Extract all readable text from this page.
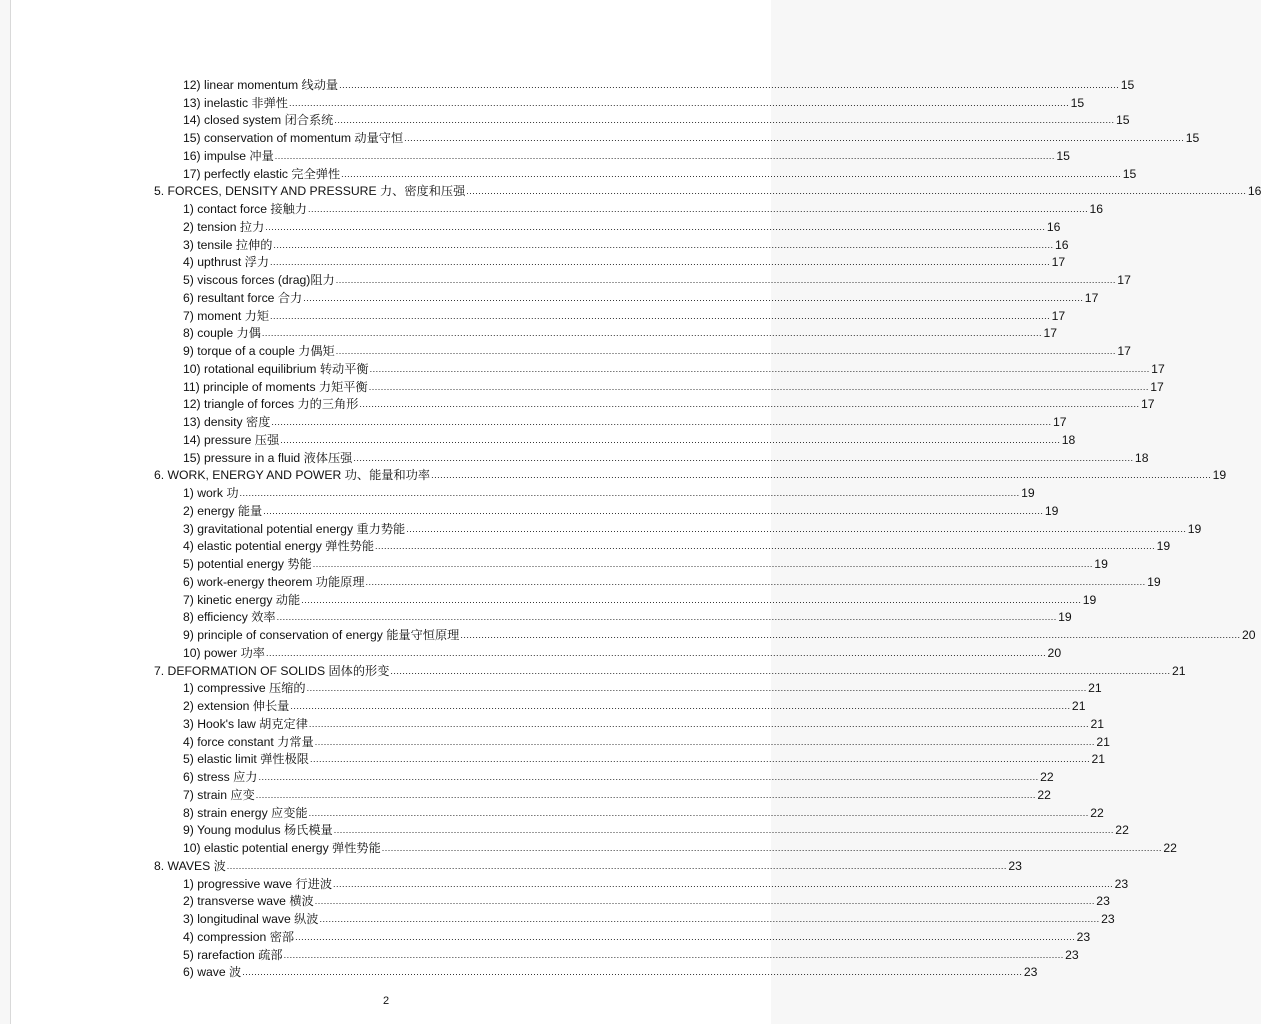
12) linear momentum 线动量 .................................................................................................................................................................................................................................................................... 15
13) inelastic 非弹性 .................................................................................................................................................................................................................................................................... 15
14) closed system 闭合系统 .................................................................................................................................................................................................................................................................... 15
15) conservation of momentum 动量守恒 .................................................................................................................................................................................................................................................................... 15
16) impulse 冲量 .................................................................................................................................................................................................................................................................... 15
17) perfectly elastic 完全弹性 .................................................................................................................................................................................................................................................................... 15
5. FORCES, DENSITY AND PRESSURE 力、密度和压强 .................................................................................................................................................................................................................................................................... 16
1) contact force 接触力 .................................................................................................................................................................................................................................................................... 16
2) tension 拉力 .................................................................................................................................................................................................................................................................... 16
3) tensile 拉伸的 .................................................................................................................................................................................................................................................................... 16
4) upthrust 浮力 .................................................................................................................................................................................................................................................................... 17
5) viscous forces (drag)阻力 .................................................................................................................................................................................................................................................................... 17
6) resultant force 合力 .................................................................................................................................................................................................................................................................... 17
7) moment 力矩 .................................................................................................................................................................................................................................................................... 17
8) couple 力偶 .................................................................................................................................................................................................................................................................... 17
9) torque of a couple 力偶矩 .................................................................................................................................................................................................................................................................... 17
10) rotational equilibrium 转动平衡 .................................................................................................................................................................................................................................................................... 17
11) principle of moments 力矩平衡 .................................................................................................................................................................................................................................................................... 17
12) triangle of forces 力的三角形 .................................................................................................................................................................................................................................................................... 17
13) density 密度 .................................................................................................................................................................................................................................................................... 17
14) pressure 压强 .................................................................................................................................................................................................................................................................... 18
15) pressure in a fluid 液体压强 .................................................................................................................................................................................................................................................................... 18
6. WORK, ENERGY AND POWER 功、能量和功率 .................................................................................................................................................................................................................................................................... 19
1) work 功 .................................................................................................................................................................................................................................................................... 19
2) energy 能量 .................................................................................................................................................................................................................................................................... 19
3) gravitational potential energy 重力势能 .................................................................................................................................................................................................................................................................... 19
4) elastic potential energy 弹性势能 .................................................................................................................................................................................................................................................................... 19
5) potential energy 势能 .................................................................................................................................................................................................................................................................... 19
6) work-energy theorem 功能原理 .................................................................................................................................................................................................................................................................... 19
7) kinetic energy 动能 .................................................................................................................................................................................................................................................................... 19
8) efficiency 效率 .................................................................................................................................................................................................................................................................... 19
9) principle of conservation of energy 能量守恒原理 .................................................................................................................................................................................................................................................................... 20
10) power 功率 .................................................................................................................................................................................................................................................................... 20
7. DEFORMATION OF SOLIDS 固体的形变 .................................................................................................................................................................................................................................................................... 21
1) compressive 压缩的 .................................................................................................................................................................................................................................................................... 21
2) extension 伸长量 .................................................................................................................................................................................................................................................................... 21
3) Hook's law 胡克定律 .................................................................................................................................................................................................................................................................... 21
4) force constant 力常量 .................................................................................................................................................................................................................................................................... 21
5) elastic limit 弹性极限 .................................................................................................................................................................................................................................................................... 21
6) stress 应力 .................................................................................................................................................................................................................................................................... 22
7) strain 应变 .................................................................................................................................................................................................................................................................... 22
8) strain energy 应变能 .................................................................................................................................................................................................................................................................... 22
9) Young modulus 杨氏模量 .................................................................................................................................................................................................................................................................... 22
10) elastic potential energy 弹性势能 .................................................................................................................................................................................................................................................................... 22
8. WAVES 波 .................................................................................................................................................................................................................................................................... 23
1) progressive wave 行进波 .................................................................................................................................................................................................................................................................... 23
2) transverse wave 横波 .................................................................................................................................................................................................................................................................... 23
3) longitudinal wave 纵波 .................................................................................................................................................................................................................................................................... 23
4) compression 密部 .................................................................................................................................................................................................................................................................... 23
5) rarefaction 疏部 .................................................................................................................................................................................................................................................................... 23
6) wave 波 .................................................................................................................................................................................................................................................................... 23
2
